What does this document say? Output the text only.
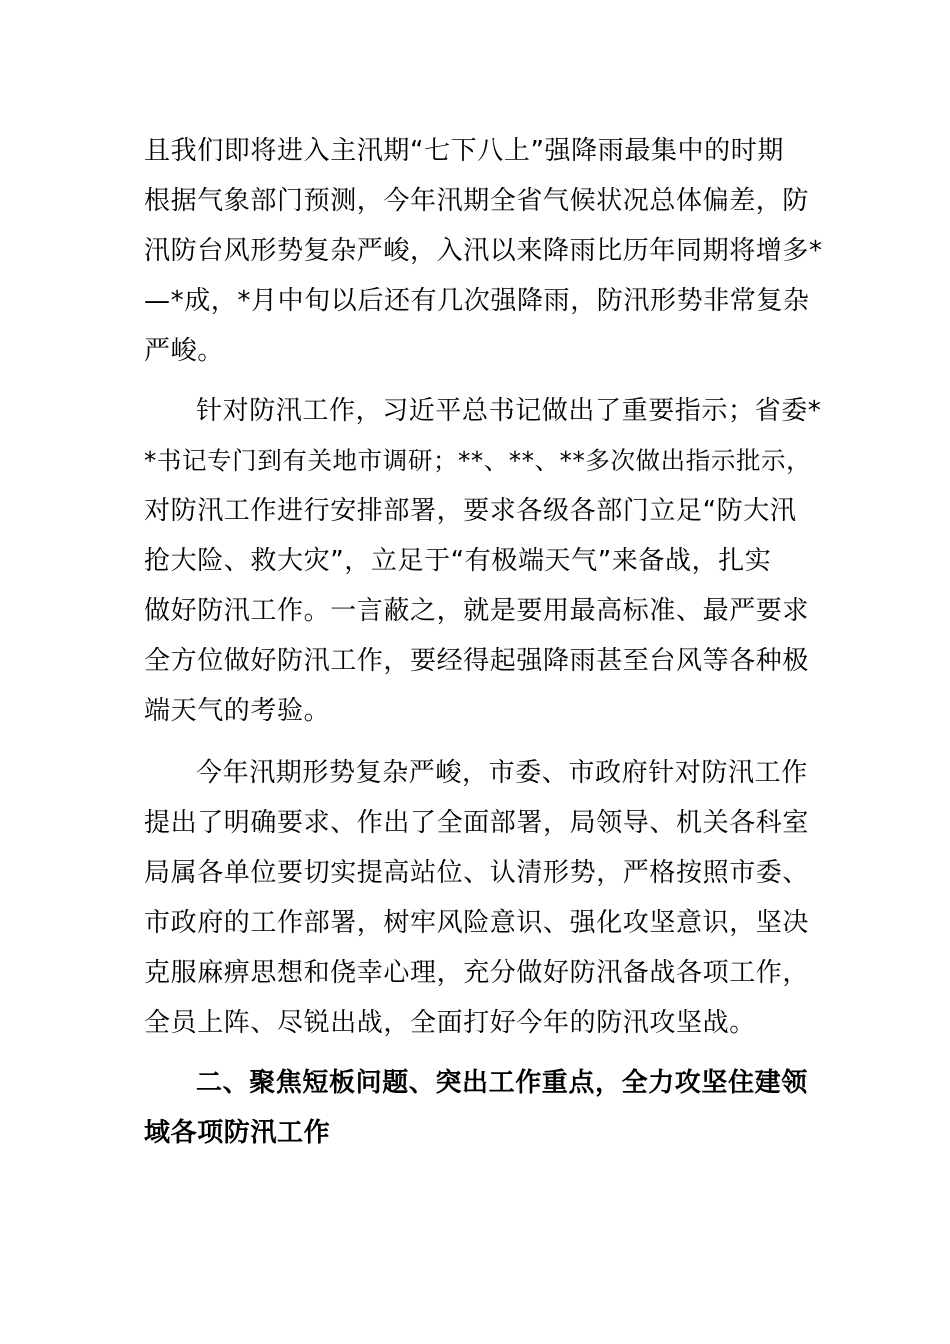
且我们即将进入主汛期“七下八上”强降雨最集中的时期
根据气象部门预测，今年汛期全省气候状况总体偏差，防
汛防台风形势复杂严峻，入汛以来降雨比历年同期将增多*
—*成，*月中旬以后还有几次强降雨，防汛形势非常复杂
严峻。
针对防汛工作，习近平总书记做出了重要指示；省委*
*书记专门到有关地市调研；**、**、**多次做出指示批示，
对防汛工作进行安排部署，要求各级各部门立足“防大汛
抢大险、救大灾”，立足于“有极端天气”来备战，扎实
做好防汛工作。一言蔽之，就是要用最高标准、最严要求
全方位做好防汛工作，要经得起强降雨甚至台风等各种极
端天气的考验。
今年汛期形势复杂严峻，市委、市政府针对防汛工作
提出了明确要求、作出了全面部署，局领导、机关各科室
局属各单位要切实提高站位、认清形势，严格按照市委、
市政府的工作部署，树牢风险意识、强化攻坚意识，坚决
克服麻痹思想和侥幸心理，充分做好防汛备战各项工作，
全员上阵、尽锐出战，全面打好今年的防汛攻坚战。
二、聚焦短板问题、突出工作重点，全力攻坚住建领
域各项防汛工作
